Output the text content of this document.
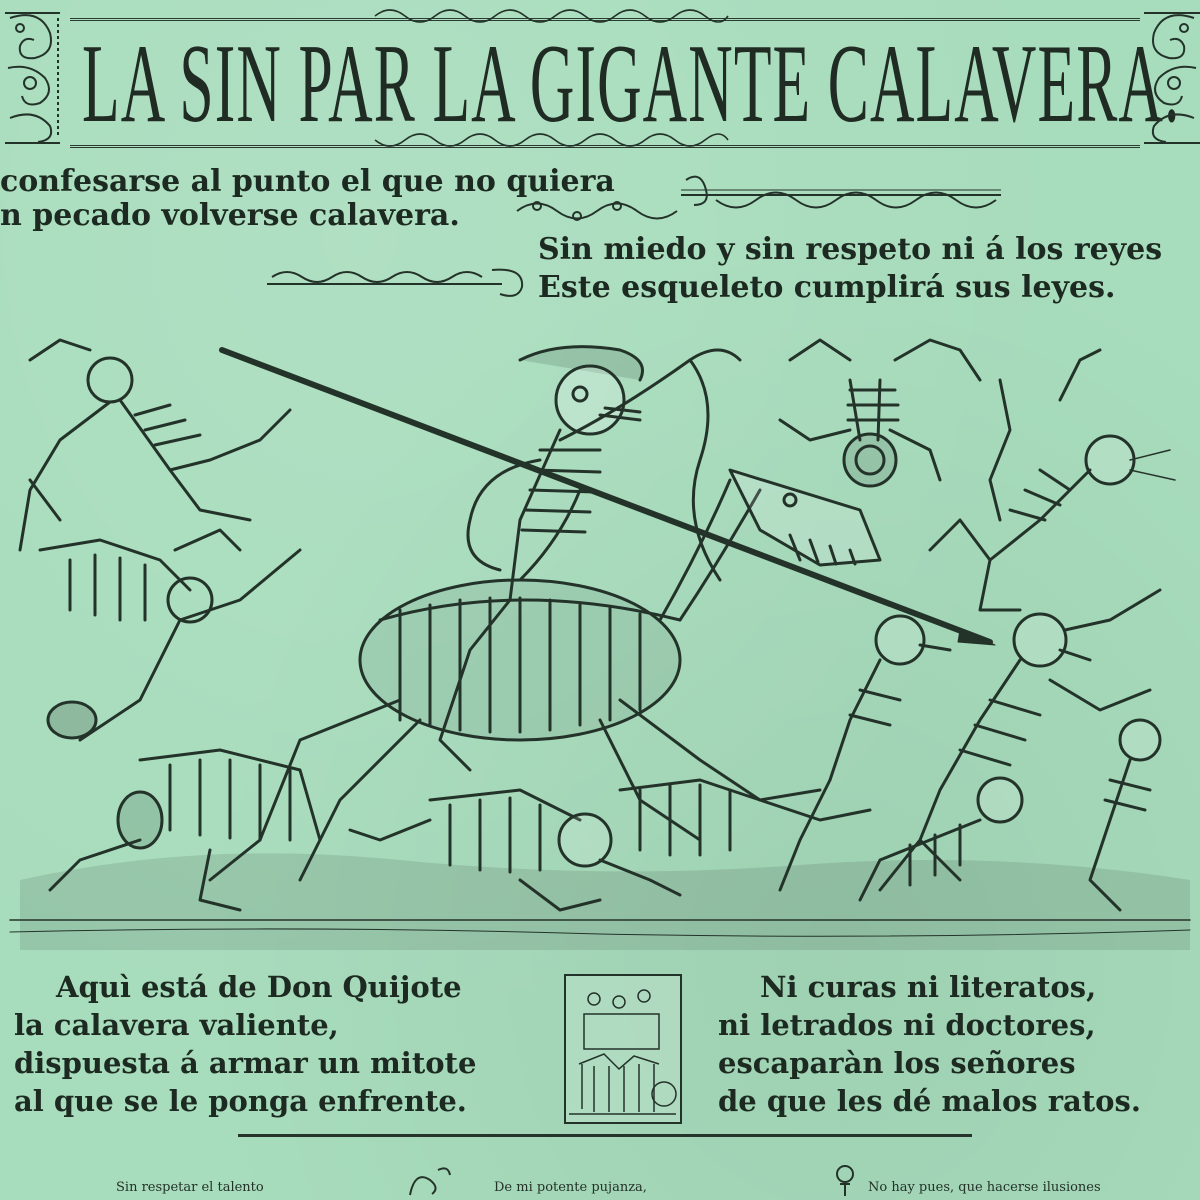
LA SIN PAR LA GIGANTE CALAVERA.
confesarse al punto el que no quiera
n pecado volverse calavera.
Sin miedo y sin respeto ni á los reyes
Este esqueleto cumplirá sus leyes.
Aquì está de Don Quijote
la calavera valiente,
dispuesta á armar un mitote
al que se le ponga enfrente.
Ni curas ni literatos,
ni letrados ni doctores,
escaparàn los señores
de que les dé malos ratos.
Sin respetar el talento	De mi potente pujanza,	No hay pues, que hacerse ilusiones
